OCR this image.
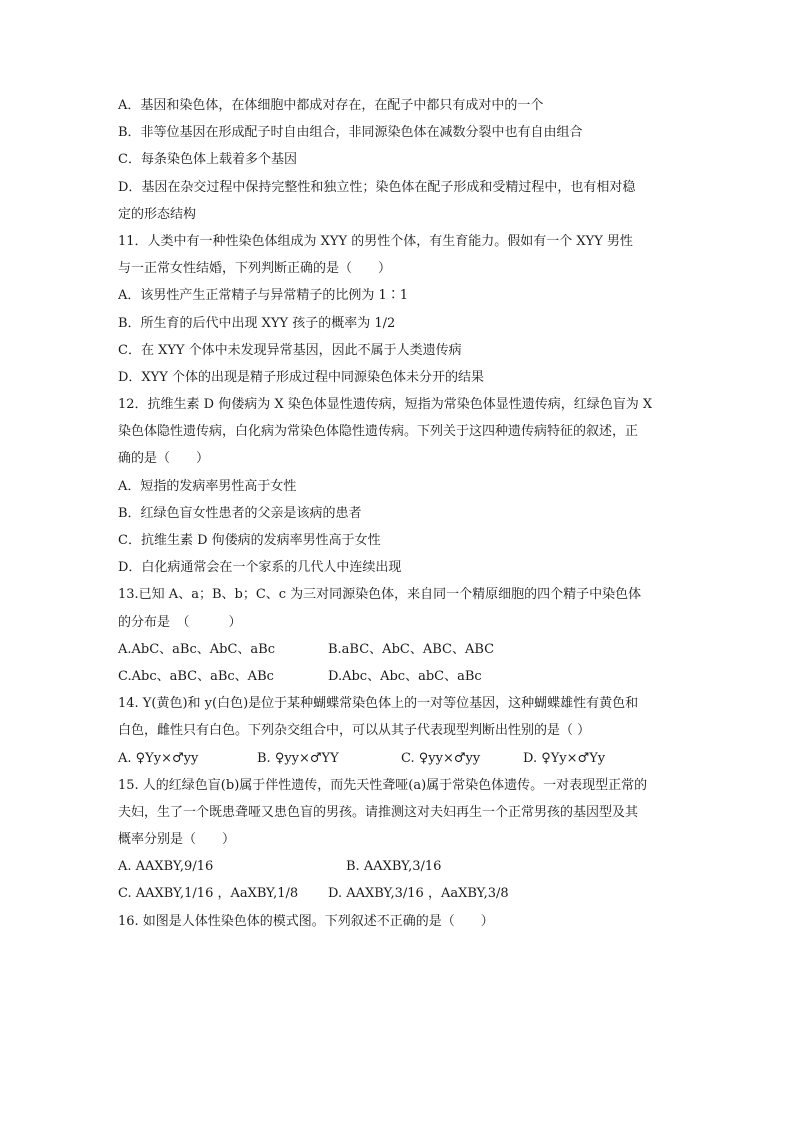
A．基因和染色体，在体细胞中都成对存在，在配子中都只有成对中的一个
B．非等位基因在形成配子时自由组合，非同源染色体在减数分裂中也有自由组合
C．每条染色体上载着多个基因
D．基因在杂交过程中保持完整性和独立性；染色体在配子形成和受精过程中，也有相对稳
定的形态结构
11．人类中有一种性染色体组成为 XYY 的男性个体，有生育能力。假如有一个 XYY 男性
与一正常女性结婚，下列判断正确的是（　　）
A．该男性产生正常精子与异常精子的比例为 1∶1
B．所生育的后代中出现 XYY 孩子的概率为 1/2
C．在 XYY 个体中未发现异常基因，因此不属于人类遗传病
D．XYY 个体的出现是精子形成过程中同源染色体未分开的结果
12．抗维生素 D 佝偻病为 X 染色体显性遗传病，短指为常染色体显性遗传病，红绿色盲为 X
染色体隐性遗传病，白化病为常染色体隐性遗传病。下列关于这四种遗传病特征的叙述，正
确的是（　　）
A．短指的发病率男性高于女性
B．红绿色盲女性患者的父亲是该病的患者
C．抗维生素 D 佝偻病的发病率男性高于女性
D．白化病通常会在一个家系的几代人中连续出现
13.已知 A、a；B、b；C、c 为三对同源染色体，来自同一个精原细胞的四个精子中染色体
的分布是　（　　　）
A.AbC、aBc、AbC、aBc	B.aBC、AbC、ABC、ABC
C.Abc、aBC、aBc、ABc	D.Abc、Abc、abC、aBc
14. Y(黄色)和 y(白色)是位于某种蝴蝶常染色体上的一对等位基因，这种蝴蝶雄性有黄色和
白色，雌性只有白色。下列杂交组合中，可以从其子代表现型判断出性别的是（ ）
A. ♀Yy×♂yy	B. ♀yy×♂YY	C. ♀yy×♂yy	D. ♀Yy×♂Yy
15. 人的红绿色盲(b)属于伴性遗传，而先天性聋哑(a)属于常染色体遗传。一对表现型正常的
夫妇，生了一个既患聋哑又患色盲的男孩。请推测这对夫妇再生一个正常男孩的基因型及其
概率分别是（　　）
A. AAXBY,9/16	B. AAXBY,3/16
C. AAXBY,1/16 ，AaXBY,1/8	D. AAXBY,3/16 ，AaXBY,3/8
16. 如图是人体性染色体的模式图。下列叙述不正确的是（　　）
